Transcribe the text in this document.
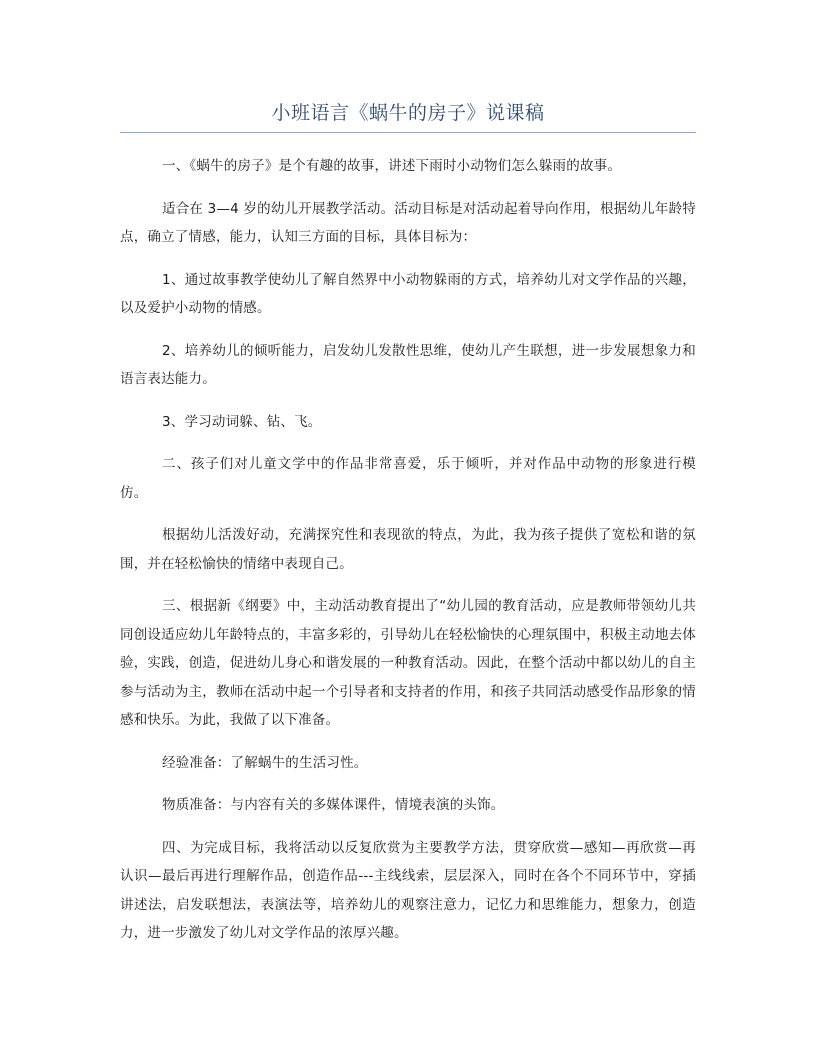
小班语言《蜗牛的房子》说课稿

一、《蜗牛的房子》是个有趣的故事，讲述下雨时小动物们怎么躲雨的故事。

适合在 3—4 岁的幼儿开展教学活动。活动目标是对活动起着导向作用，根据幼儿年龄特点，确立了情感，能力，认知三方面的目标，具体目标为：

1、通过故事教学使幼儿了解自然界中小动物躲雨的方式，培养幼儿对文学作品的兴趣，以及爱护小动物的情感。

2、培养幼儿的倾听能力，启发幼儿发散性思维，使幼儿产生联想，进一步发展想象力和语言表达能力。

3、学习动词躲、钻、飞。

二、孩子们对儿童文学中的作品非常喜爱，乐于倾听，并对作品中动物的形象进行模仿。

根据幼儿活泼好动，充满探究性和表现欲的特点，为此，我为孩子提供了宽松和谐的氛围，并在轻松愉快的情绪中表现自己。

三、根据新《纲要》中，主动活动教育提出了“幼儿园的教育活动，应是教师带领幼儿共同创设适应幼儿年龄特点的，丰富多彩的，引导幼儿在轻松愉快的心理氛围中，积极主动地去体验，实践，创造，促进幼儿身心和谐发展的一种教育活动。因此，在整个活动中都以幼儿的自主参与活动为主，教师在活动中起一个引导者和支持者的作用，和孩子共同活动感受作品形象的情感和快乐。为此，我做了以下准备。

经验准备：了解蜗牛的生活习性。

物质准备：与内容有关的多媒体课件，情境表演的头饰。

四、为完成目标，我将活动以反复欣赏为主要教学方法，贯穿欣赏—感知—再欣赏—再认识—最后再进行理解作品，创造作品---主线线索，层层深入，同时在各个不同环节中，穿插讲述法，启发联想法，表演法等，培养幼儿的观察注意力，记忆力和思维能力，想象力，创造力，进一步激发了幼儿对文学作品的浓厚兴趣。
